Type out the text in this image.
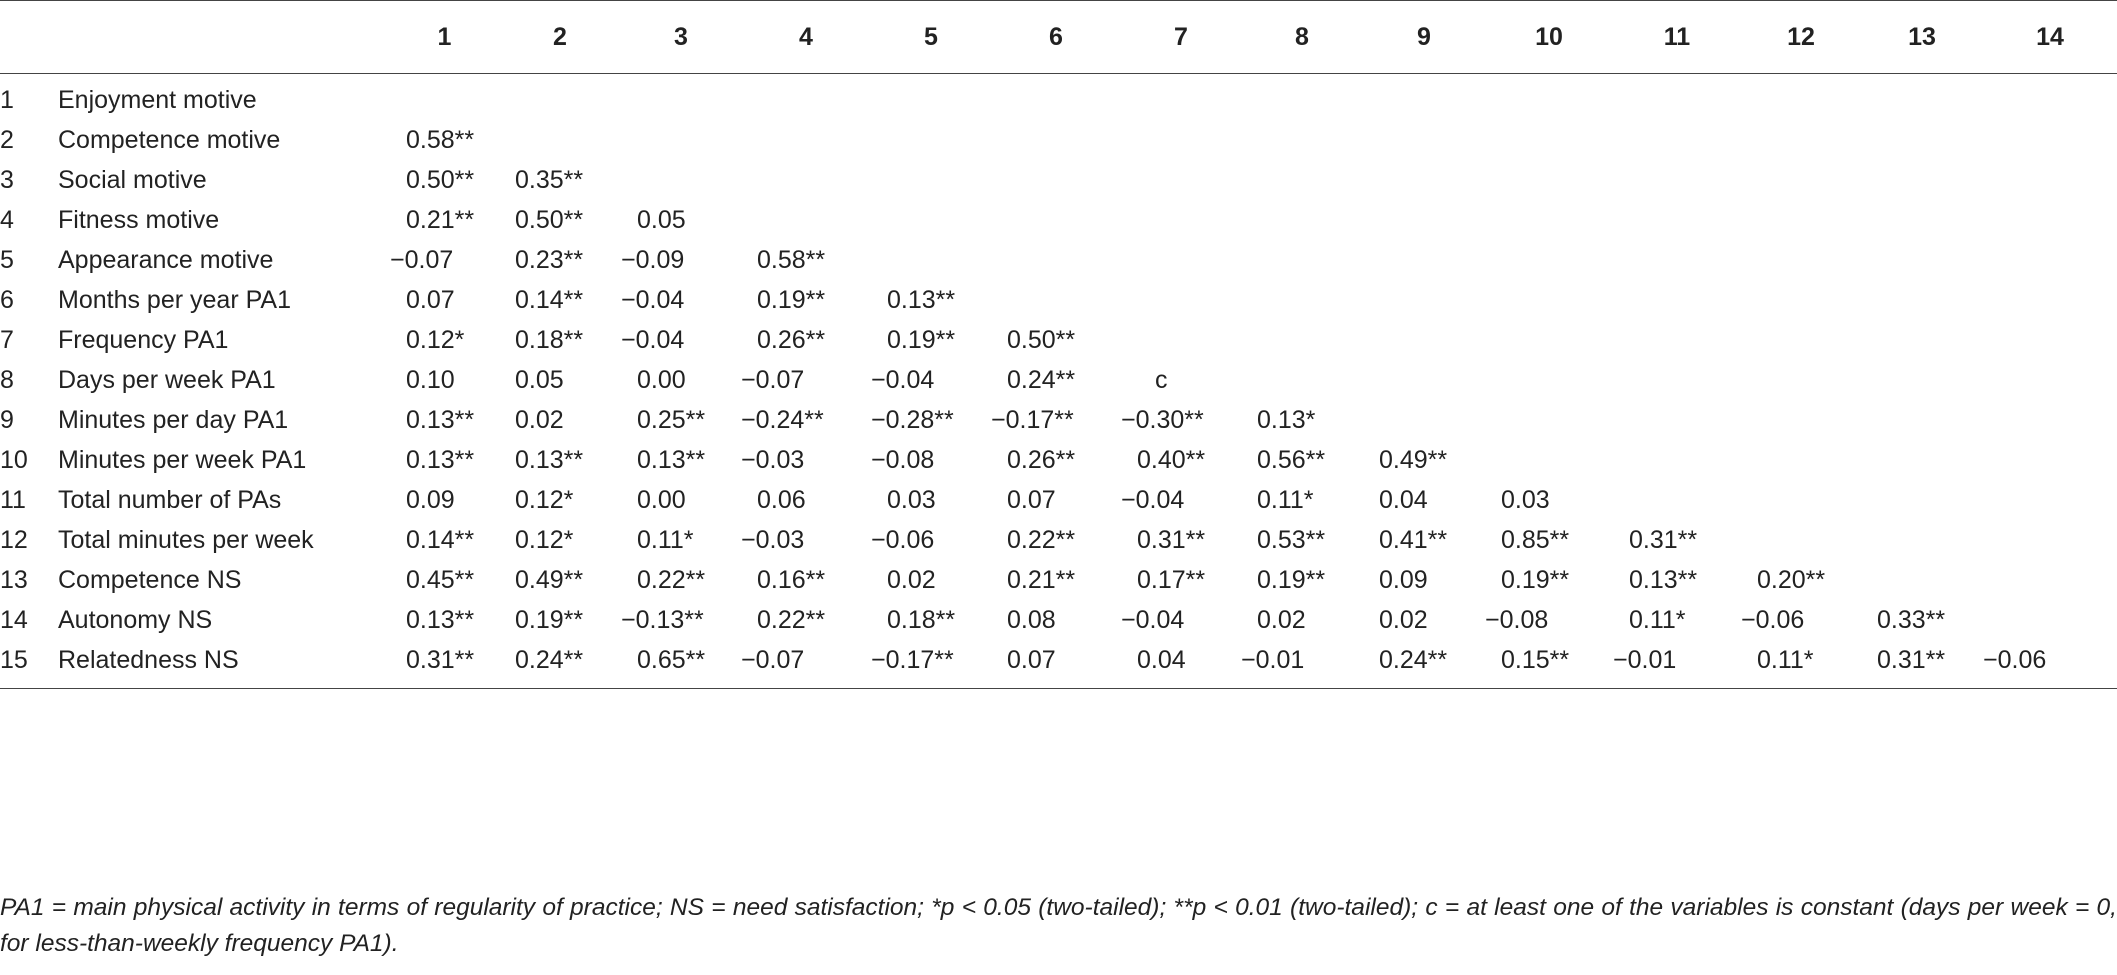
		1	2	3	4	5	6	7	8	9	10	11	12	13	14
1	Enjoyment motive														
2	Competence motive	0.58**													
3	Social motive	0.50**	0.35**												
4	Fitness motive	0.21**	0.50**	0.05											
5	Appearance motive	−0.07	0.23**	−0.09	0.58**										
6	Months per year PA1	0.07	0.14**	−0.04	0.19**	0.13**									
7	Frequency PA1	0.12*	0.18**	−0.04	0.26**	0.19**	0.50**								
8	Days per week PA1	0.10	0.05	0.00	−0.07	−0.04	0.24**	c							
9	Minutes per day PA1	0.13**	0.02	0.25**	−0.24**	−0.28**	−0.17**	−0.30**	0.13*						
10	Minutes per week PA1	0.13**	0.13**	0.13**	−0.03	−0.08	0.26**	0.40**	0.56**	0.49**					
11	Total number of PAs	0.09	0.12*	0.00	0.06	0.03	0.07	−0.04	0.11*	0.04	0.03				
12	Total minutes per week	0.14**	0.12*	0.11*	−0.03	−0.06	0.22**	0.31**	0.53**	0.41**	0.85**	0.31**			
13	Competence NS	0.45**	0.49**	0.22**	0.16**	0.02	0.21**	0.17**	0.19**	0.09	0.19**	0.13**	0.20**		
14	Autonomy NS	0.13**	0.19**	−0.13**	0.22**	0.18**	0.08	−0.04	0.02	0.02	−0.08	0.11*	−0.06	0.33**	
15	Relatedness NS	0.31**	0.24**	0.65**	−0.07	−0.17**	0.07	0.04	−0.01	0.24**	0.15**	−0.01	0.11*	0.31**	−0.06
PA1 = main physical activity in terms of regularity of practice; NS = need satisfaction; *p < 0.05 (two-tailed); **p < 0.01 (two-tailed); c = at least one of the variables is constant (days per week = 0, for less-than-weekly frequency PA1).
